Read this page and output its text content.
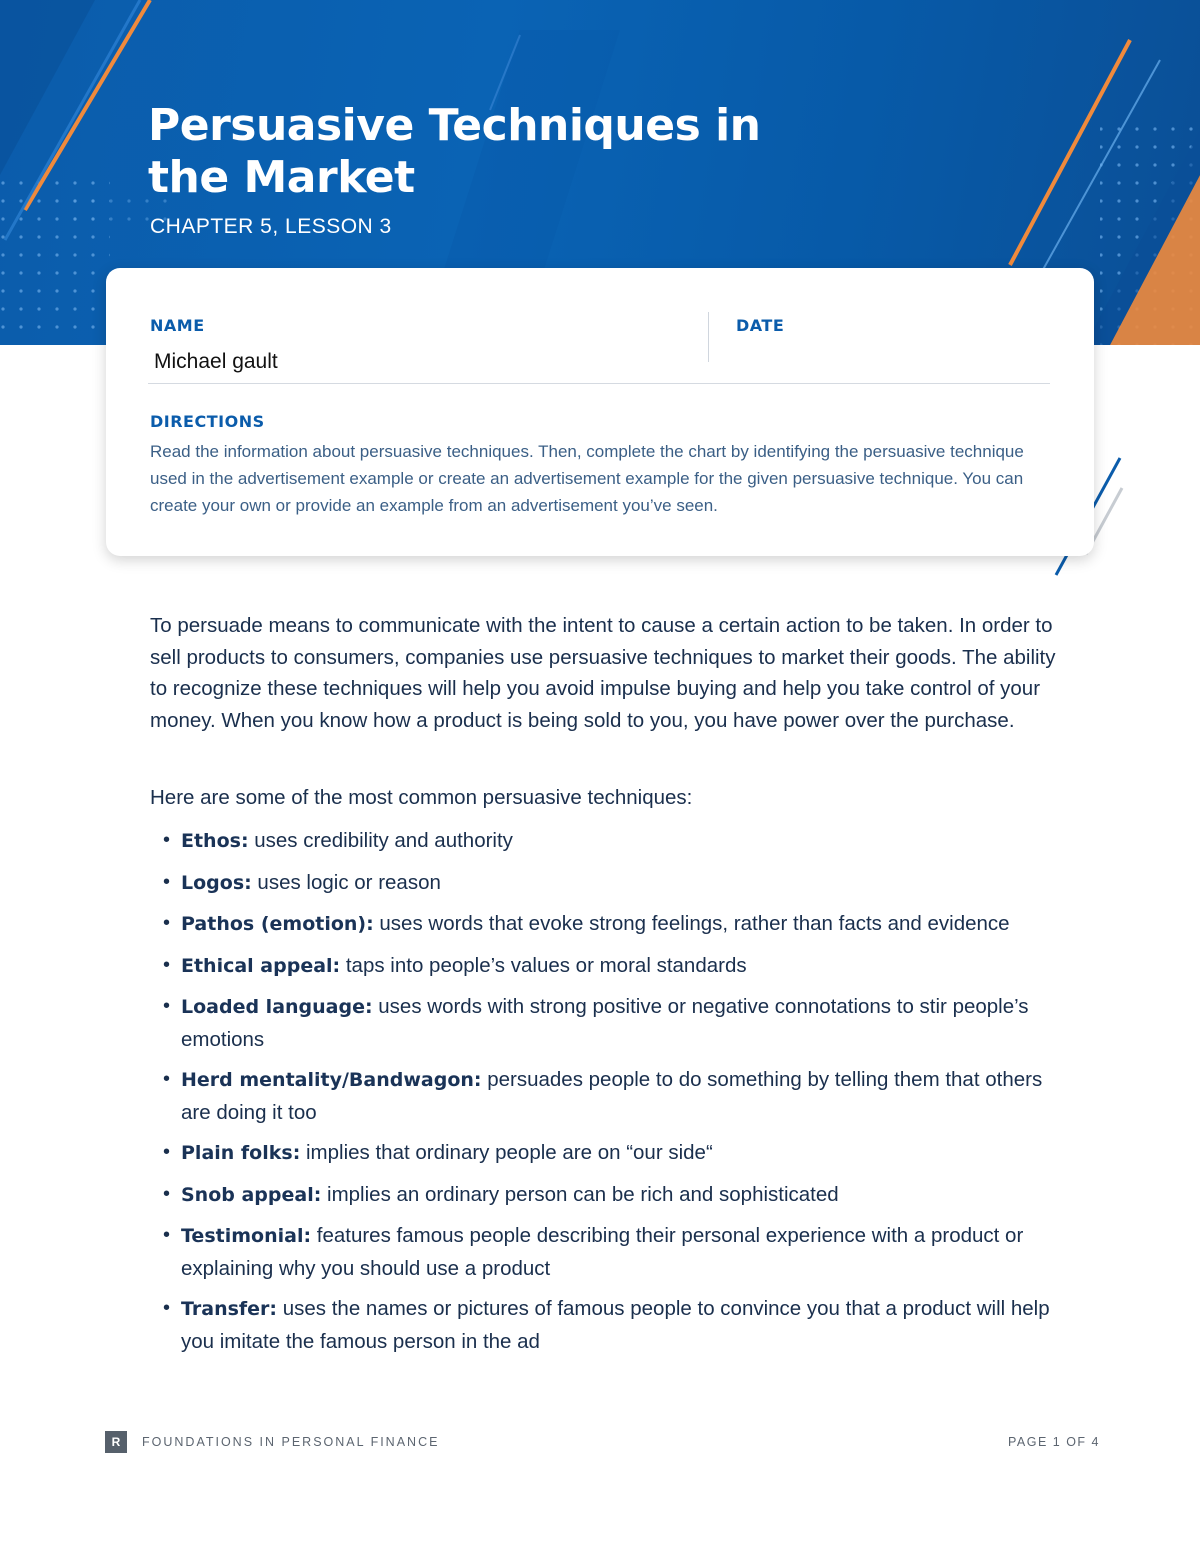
Persuasive Techniques in
the Market
CHAPTER 5, LESSON 3
NAME
Michael gault
DATE
DIRECTIONS
Read the information about persuasive techniques. Then, complete the chart by identifying the persuasive technique used in the advertisement example or create an advertisement example for the given persuasive technique. You can create your own or provide an example from an advertisement you’ve seen.
To persuade means to communicate with the intent to cause a certain action to be taken. In order to sell products to consumers, companies use persuasive techniques to market their goods. The ability to recognize these techniques will help you avoid impulse buying and help you take control of your money. When you know how a product is being sold to you, you have power over the purchase.
Here are some of the most common persuasive techniques:
• Ethos: uses credibility and authority
• Logos: uses logic or reason
• Pathos (emotion): uses words that evoke strong feelings, rather than facts and evidence
• Ethical appeal: taps into people’s values or moral standards
• Loaded language: uses words with strong positive or negative connotations to stir people’s emotions
• Herd mentality/Bandwagon: persuades people to do something by telling them that others are doing it too
• Plain folks: implies that ordinary people are on “our side“
• Snob appeal: implies an ordinary person can be rich and sophisticated
• Testimonial: features famous people describing their personal experience with a product or explaining why you should use a product
• Transfer: uses the names or pictures of famous people to convince you that a product will help you imitate the famous person in the ad
R	FOUNDATIONS IN PERSONAL FINANCE	PAGE 1 OF 4
